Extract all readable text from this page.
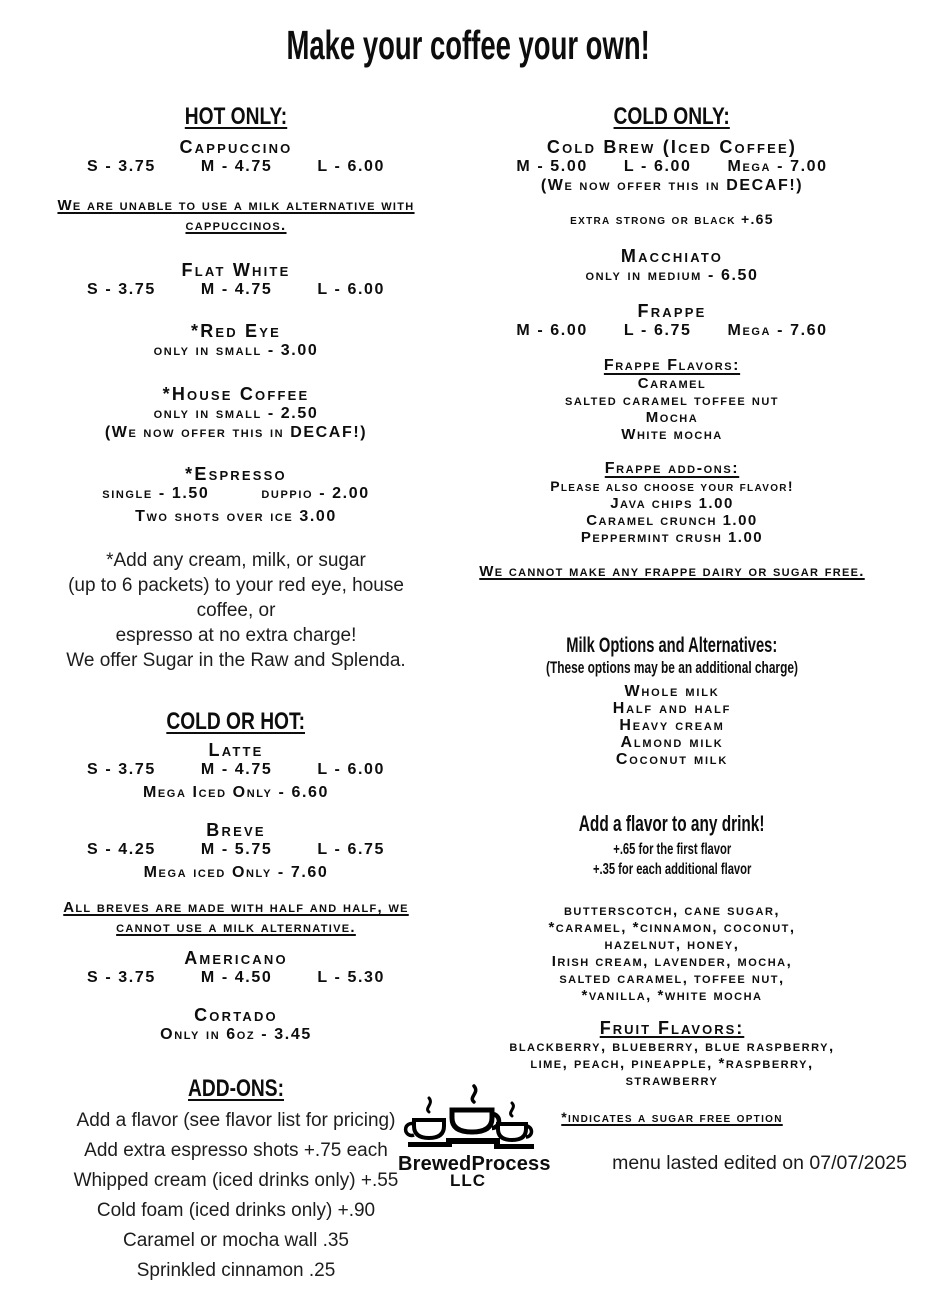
Make your coffee your own!
HOT ONLY:
Cappuccino
S - 3.75	M - 4.75	L - 6.00
We are unable to use a milk alternative with
cappuccinos.
Flat White
S - 3.75	M - 4.75	L - 6.00
*Red Eye
only in small - 3.00
*House Coffee
only in small - 2.50
(We now offer this in DECAF!)
*Espresso
single - 1.50	duppio - 2.00
Two shots over ice 3.00
*Add any cream, milk, or sugar
(up to 6 packets) to your red eye, house coffee, or
espresso at no extra charge!
We offer Sugar in the Raw and Splenda.
COLD OR HOT:
Latte
S - 3.75	M - 4.75	L - 6.00
Mega Iced Only - 6.60
Breve
S - 4.25	M - 5.75	L - 6.75
Mega iced Only - 7.60
All breves are made with half and half, we
cannot use a milk alternative.
Americano
S - 3.75	M - 4.50	L - 5.30
Cortado
Only in 6oz - 3.45
ADD-ONS:
Add a flavor (see flavor list for pricing)
Add extra espresso shots +.75 each
Whipped cream (iced drinks only) +.55
Cold foam (iced drinks only) +.90
Caramel or mocha wall .35
Sprinkled cinnamon .25
COLD ONLY:
Cold Brew (Iced Coffee)
M - 5.00 L - 6.00 Mega - 7.00
(We now offer this in DECAF!)
extra strong or black +.65
Macchiato
only in medium - 6.50
Frappe
M - 6.00 L - 6.75 Mega - 7.60
Frappe Flavors:
Caramel
salted caramel toffee nut
Mocha
White mocha
Frappe add-ons:
Please also choose your flavor!
Java chips 1.00
Caramel crunch 1.00
Peppermint crush 1.00
We cannot make any frappe dairy or sugar free.
Milk Options and Alternatives:
(These options may be an additional charge)
Whole milk
Half and half
Heavy cream
Almond milk
Coconut milk
Add a flavor to any drink!
+.65 for the first flavor
+.35 for each additional flavor
butterscotch, cane sugar,
*caramel, *cinnamon, coconut,
hazelnut, honey,
Irish cream, lavender, mocha,
salted caramel, toffee nut,
*vanilla, *white mocha
Fruit Flavors:
blackberry, blueberry, blue raspberry,
lime, peach, pineapple, *raspberry,
strawberry
*indicates a sugar free option
BrewedProcess
LLC
menu lasted edited on 07/07/2025
